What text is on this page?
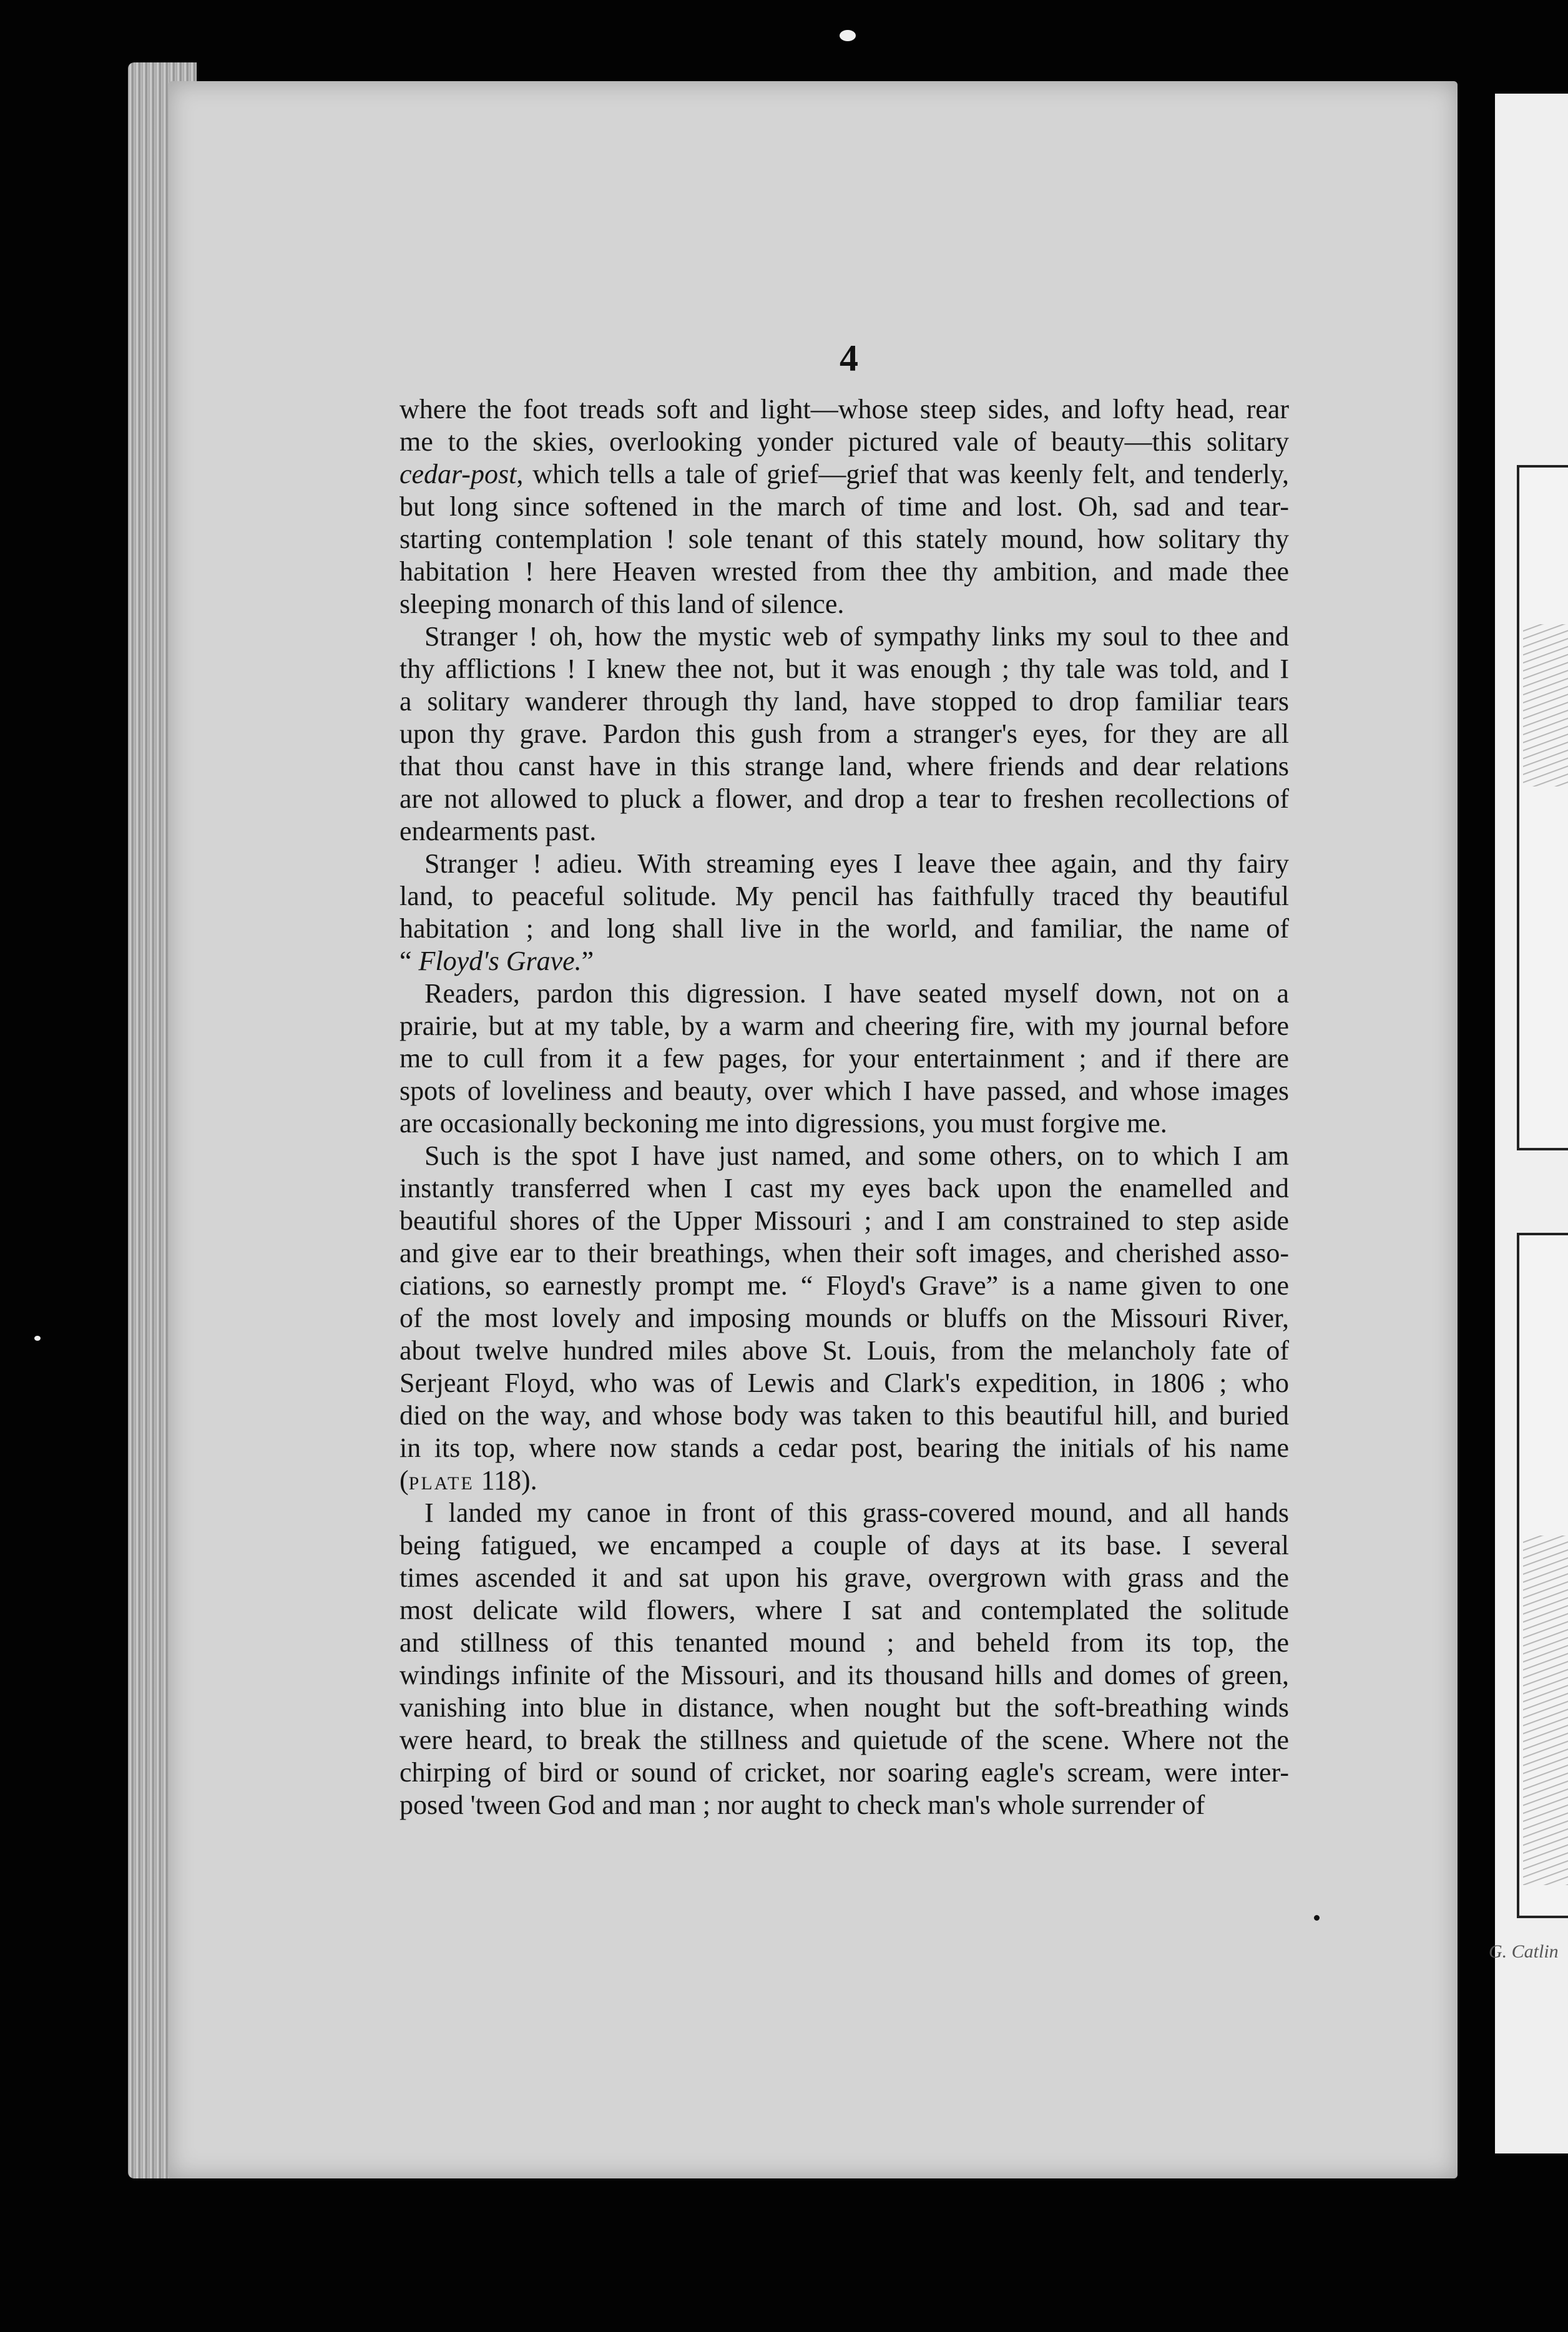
G. Catlin
4
where the foot treads soft and light—whose steep sides, and lofty head, rear
me to the skies, overlooking yonder pictured vale of beauty—this solitary
cedar-post, which tells a tale of grief—grief that was keenly felt, and tenderly,
but long since softened in the march of time and lost. Oh, sad and tear-
starting contemplation ! sole tenant of this stately mound, how solitary thy
habitation ! here Heaven wrested from thee thy ambition, and made thee
sleeping monarch of this land of silence.
Stranger ! oh, how the mystic web of sympathy links my soul to thee and
thy afflictions ! I knew thee not, but it was enough ; thy tale was told, and I
a solitary wanderer through thy land, have stopped to drop familiar tears
upon thy grave. Pardon this gush from a stranger's eyes, for they are all
that thou canst have in this strange land, where friends and dear relations
are not allowed to pluck a flower, and drop a tear to freshen recollections of
endearments past.
Stranger ! adieu. With streaming eyes I leave thee again, and thy fairy
land, to peaceful solitude. My pencil has faithfully traced thy beautiful
habitation ; and long shall live in the world, and familiar, the name of
“ Floyd's Grave.”
Readers, pardon this digression. I have seated myself down, not on a
prairie, but at my table, by a warm and cheering fire, with my journal before
me to cull from it a few pages, for your entertainment ; and if there are
spots of loveliness and beauty, over which I have passed, and whose images
are occasionally beckoning me into digressions, you must forgive me.
Such is the spot I have just named, and some others, on to which I am
instantly transferred when I cast my eyes back upon the enamelled and
beautiful shores of the Upper Missouri ; and I am constrained to step aside
and give ear to their breathings, when their soft images, and cherished asso-
ciations, so earnestly prompt me. “ Floyd's Grave” is a name given to one
of the most lovely and imposing mounds or bluffs on the Missouri River,
about twelve hundred miles above St. Louis, from the melancholy fate of
Serjeant Floyd, who was of Lewis and Clark's expedition, in 1806 ; who
died on the way, and whose body was taken to this beautiful hill, and buried
in its top, where now stands a cedar post, bearing the initials of his name
(PLATE 118).
I landed my canoe in front of this grass-covered mound, and all hands
being fatigued, we encamped a couple of days at its base. I several
times ascended it and sat upon his grave, overgrown with grass and the
most delicate wild flowers, where I sat and contemplated the solitude
and stillness of this tenanted mound ; and beheld from its top, the
windings infinite of the Missouri, and its thousand hills and domes of green,
vanishing into blue in distance, when nought but the soft-breathing winds
were heard, to break the stillness and quietude of the scene. Where not the
chirping of bird or sound of cricket, nor soaring eagle's scream, were inter-
posed 'tween God and man ; nor aught to check man's whole surrender of
